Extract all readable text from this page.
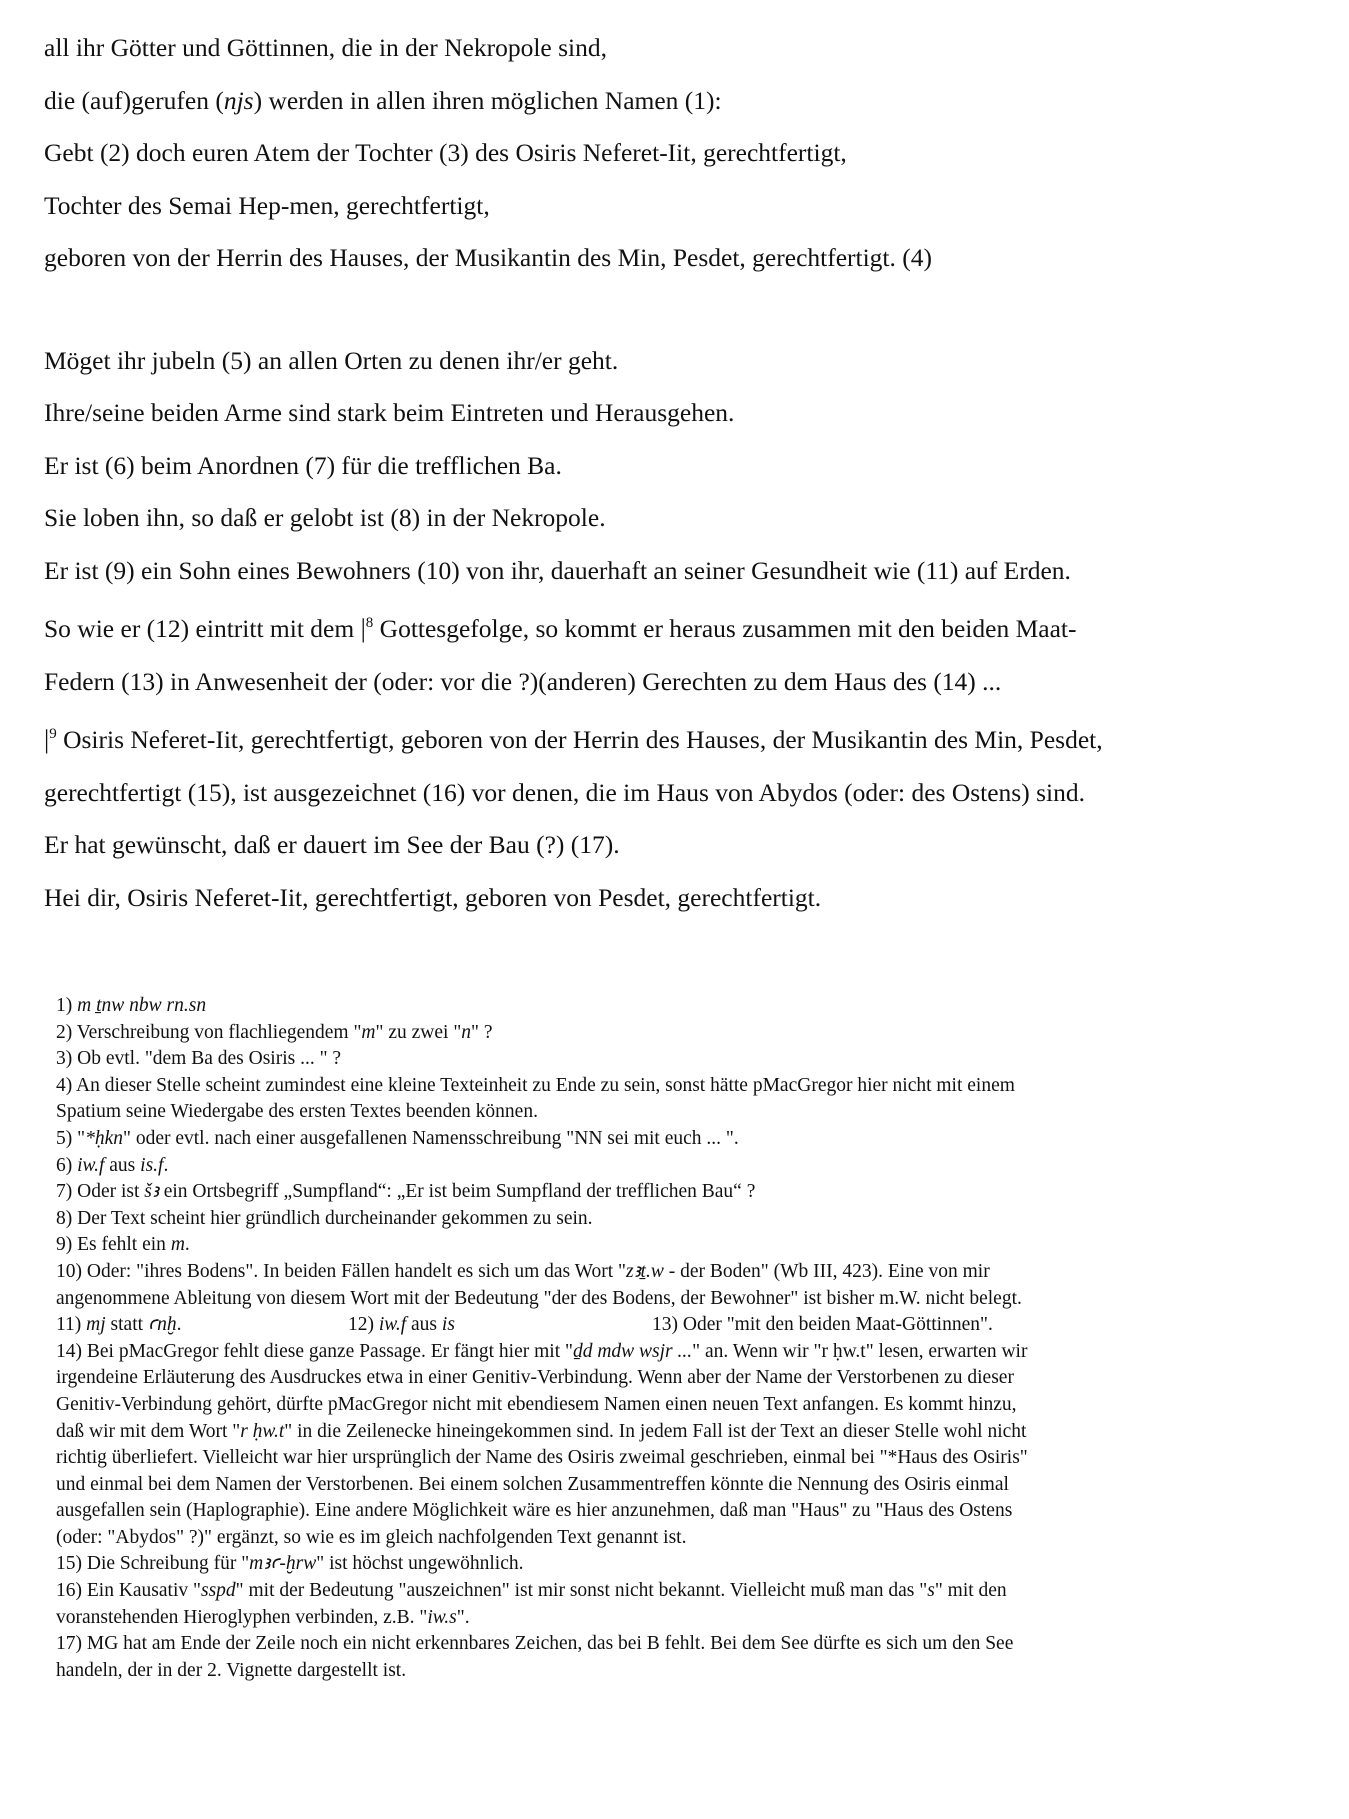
all ihr Götter und Göttinnen, die in der Nekropole sind,
die (auf)gerufen (njs) werden in allen ihren möglichen Namen (1):
Gebt (2) doch euren Atem der Tochter (3) des Osiris Neferet-Iit, gerechtfertigt,
Tochter des Semai Hep-men, gerechtfertigt,
geboren von der Herrin des Hauses, der Musikantin des Min, Pesdet, gerechtfertigt. (4)
Möget ihr jubeln (5) an allen Orten zu denen ihr/er geht.
Ihre/seine beiden Arme sind stark beim Eintreten und Herausgehen.
Er ist (6) beim Anordnen (7) für die trefflichen Ba.
Sie loben ihn, so daß er gelobt ist (8) in der Nekropole.
Er ist (9) ein Sohn eines Bewohners (10) von ihr, dauerhaft an seiner Gesundheit wie (11) auf Erden.
So wie er (12) eintritt mit dem $|^8$ Gottesgefolge, so kommt er heraus zusammen mit den beiden Maat-
Federn (13) in Anwesenheit der (oder: vor die ?)(anderen) Gerechten zu dem Haus des (14) ...
$|^9$ Osiris Neferet-Iit, gerechtfertigt, geboren von der Herrin des Hauses, der Musikantin des Min, Pesdet,
gerechtfertigt (15), ist ausgezeichnet (16) vor denen, die im Haus von Abydos (oder: des Ostens) sind.
Er hat gewünscht, daß er dauert im See der Bau (?) (17).
Hei dir, Osiris Neferet-Iit, gerechtfertigt, geboren von Pesdet, gerechtfertigt.
1) m ṯnw nbw rn.sn
2) Verschreibung von flachliegendem "m" zu zwei "n" ?
3) Ob evtl. "dem Ba des Osiris ... " ?
4) An dieser Stelle scheint zumindest eine kleine Texteinheit zu Ende zu sein, sonst hätte pMacGregor hier nicht mit einem
Spatium seine Wiedergabe des ersten Textes beenden können.
5) "*ḥkn" oder evtl. nach einer ausgefallenen Namensschreibung "NN sei mit euch ... ".
6) iw.f aus is.f.
7) Oder ist šꜣ ein Ortsbegriff „Sumpfland“: „Er ist beim Sumpfland der trefflichen Bau“ ?
8) Der Text scheint hier gründlich durcheinander gekommen zu sein.
9) Es fehlt ein m.
10) Oder: "ihres Bodens". In beiden Fällen handelt es sich um das Wort "zꜣṯ.w - der Boden" (Wb III, 423). Eine von mir
angenommene Ableitung von diesem Wort mit der Bedeutung "der des Bodens, der Bewohner" ist bisher m.W. nicht belegt.
11) mj statt ꜥnḫ.	12) iw.f aus is	13) Oder "mit den beiden Maat-Göttinnen".
14) Bei pMacGregor fehlt diese ganze Passage. Er fängt hier mit "ḏd mdw wsjr ..." an. Wenn wir "r ḥw.t" lesen, erwarten wir
irgendeine Erläuterung des Ausdruckes etwa in einer Genitiv-Verbindung. Wenn aber der Name der Verstorbenen zu dieser
Genitiv-Verbindung gehört, dürfte pMacGregor nicht mit ebendiesem Namen einen neuen Text anfangen. Es kommt hinzu,
daß wir mit dem Wort "r ḥw.t" in die Zeilenecke hineingekommen sind. In jedem Fall ist der Text an dieser Stelle wohl nicht
richtig überliefert. Vielleicht war hier ursprünglich der Name des Osiris zweimal geschrieben, einmal bei "*Haus des Osiris"
und einmal bei dem Namen der Verstorbenen. Bei einem solchen Zusammentreffen könnte die Nennung des Osiris einmal
ausgefallen sein (Haplographie). Eine andere Möglichkeit wäre es hier anzunehmen, daß man "Haus" zu "Haus des Ostens
(oder: "Abydos" ?)" ergänzt, so wie es im gleich nachfolgenden Text genannt ist.
15) Die Schreibung für "mꜣꜥ-ḫrw" ist höchst ungewöhnlich.
16) Ein Kausativ "sspd" mit der Bedeutung "auszeichnen" ist mir sonst nicht bekannt. Vielleicht muß man das "s" mit den
voranstehenden Hieroglyphen verbinden, z.B. "iw.s".
17) MG hat am Ende der Zeile noch ein nicht erkennbares Zeichen, das bei B fehlt. Bei dem See dürfte es sich um den See
handeln, der in der 2. Vignette dargestellt ist.
